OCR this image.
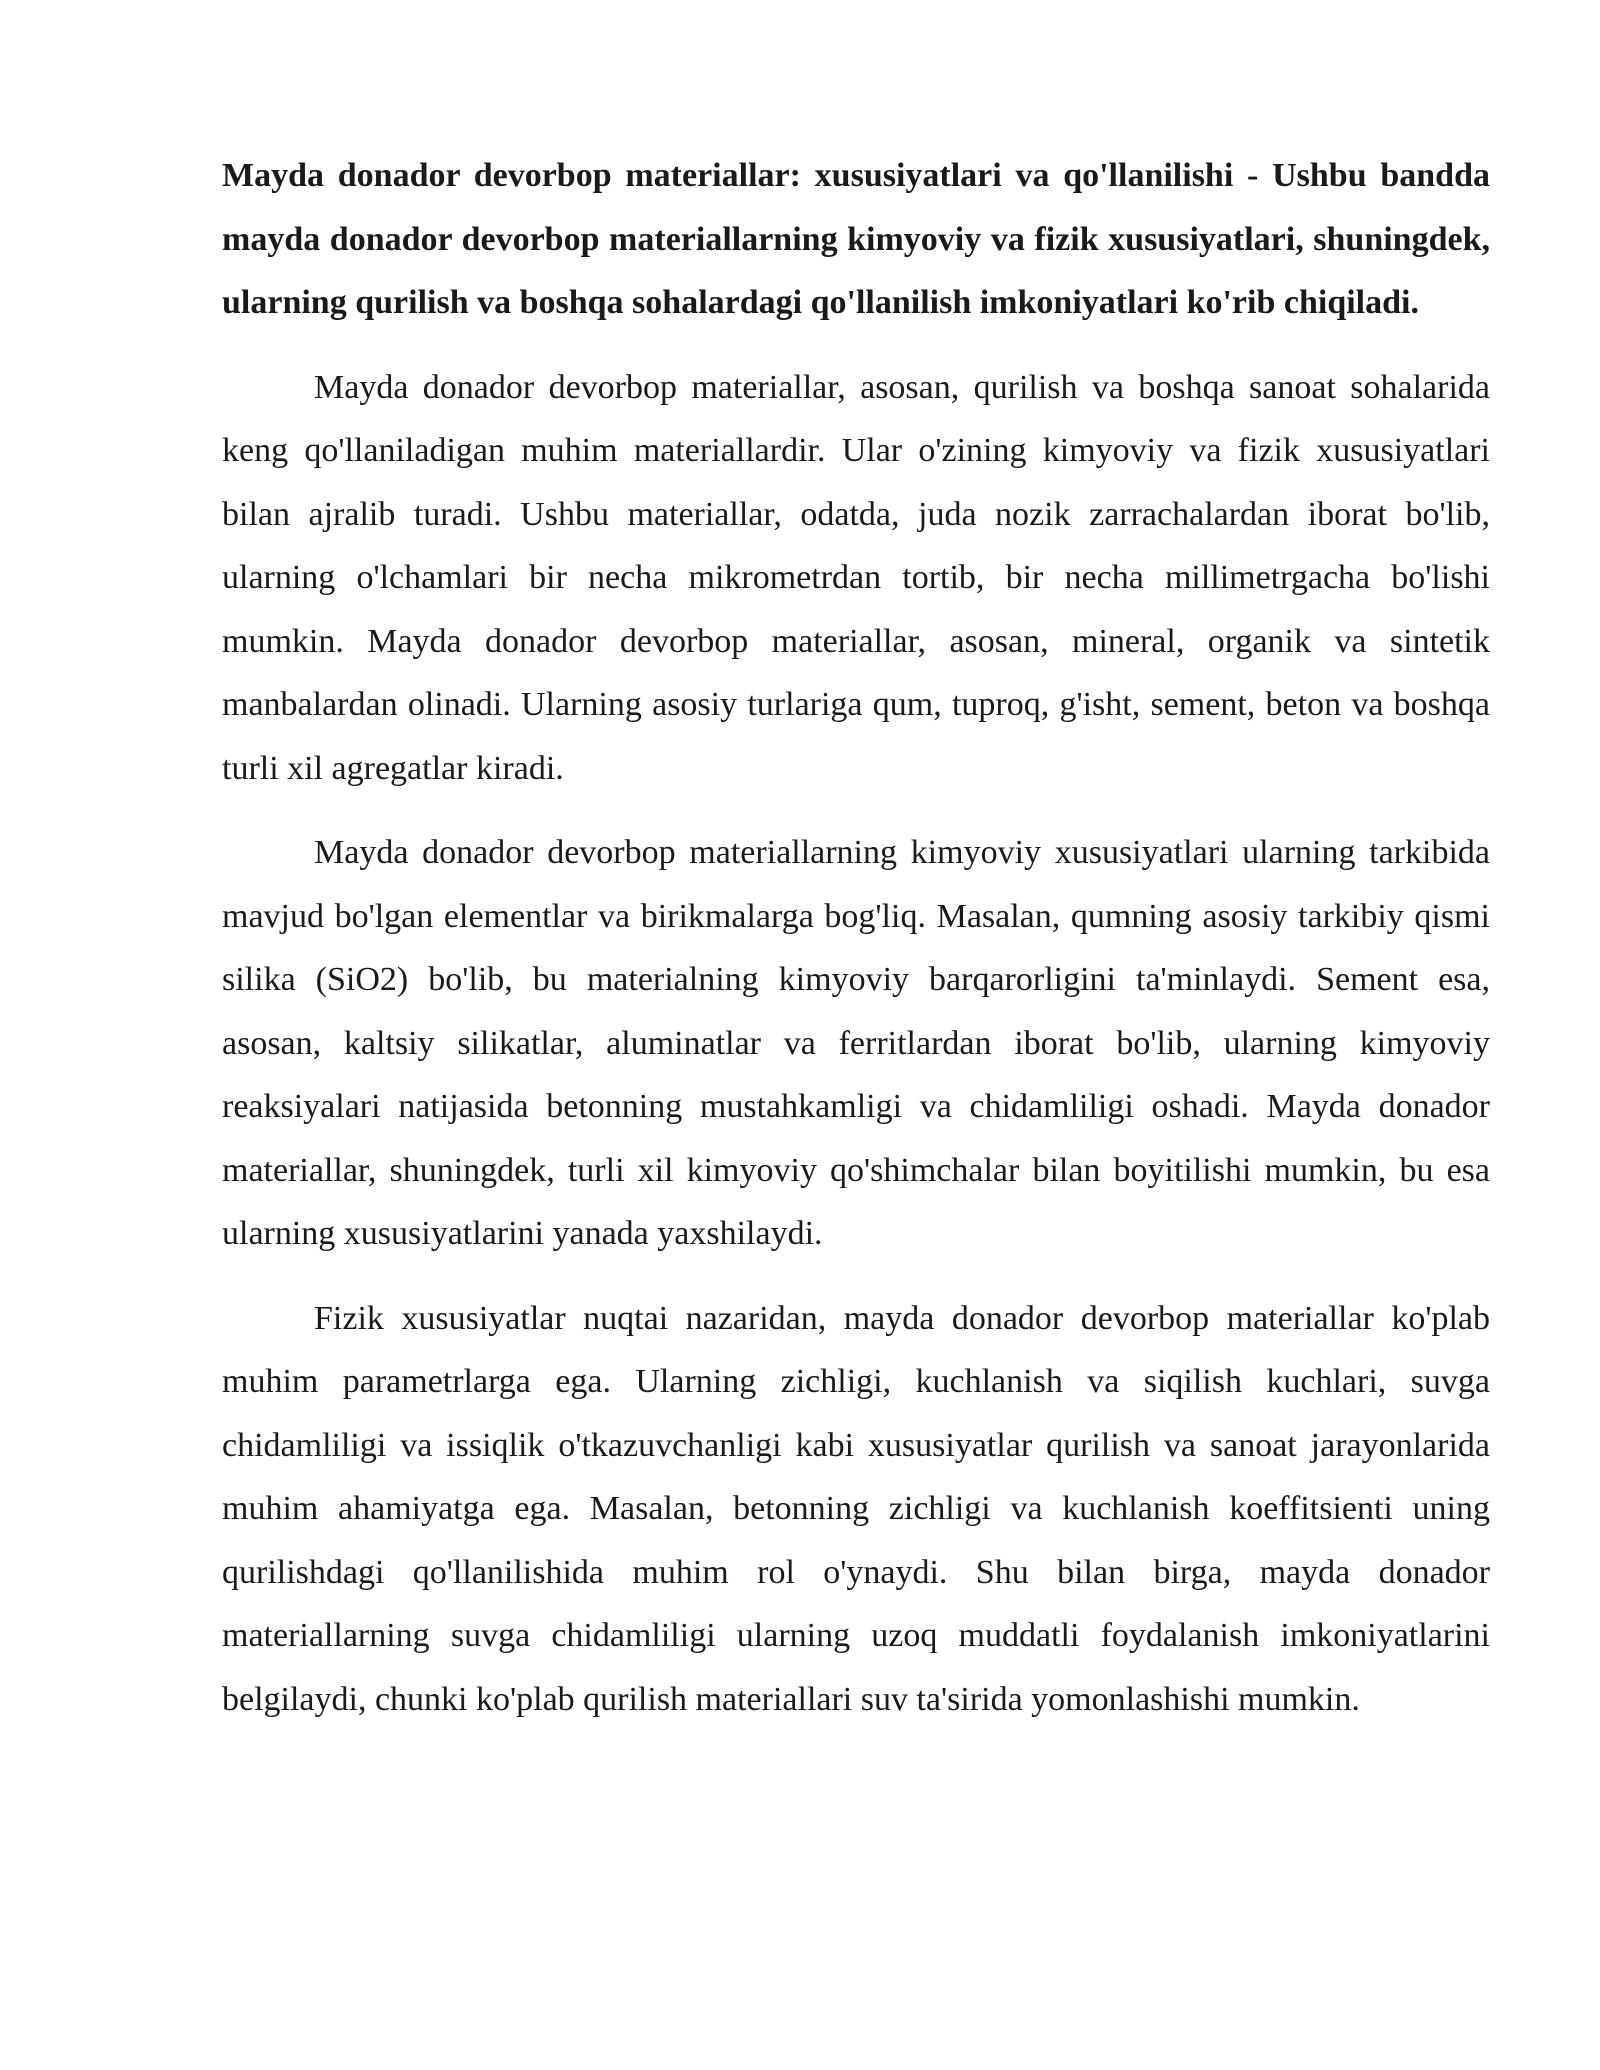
Mayda donador devorbop materiallar: xususiyatlari va qo'llanilishi - Ushbu bandda mayda donador devorbop materiallarning kimyoviy va fizik xususiyatlari, shuningdek, ularning qurilish va boshqa sohalardagi qo'llanilish imkoniyatlari ko'rib chiqiladi.

Mayda donador devorbop materiallar, asosan, qurilish va boshqa sanoat sohalarida keng qo'llaniladigan muhim materiallardir. Ular o'zining kimyoviy va fizik xususiyatlari bilan ajralib turadi. Ushbu materiallar, odatda, juda nozik zarrachalardan iborat bo'lib, ularning o'lchamlari bir necha mikrometrdan tortib, bir necha millimetrgacha bo'lishi mumkin. Mayda donador devorbop materiallar, asosan, mineral, organik va sintetik manbalardan olinadi. Ularning asosiy turlariga qum, tuproq, g'isht, sement, beton va boshqa turli xil agregatlar kiradi.

Mayda donador devorbop materiallarning kimyoviy xususiyatlari ularning tarkibida mavjud bo'lgan elementlar va birikmalarga bog'liq. Masalan, qumning asosiy tarkibiy qismi silika (SiO2) bo'lib, bu materialning kimyoviy barqarorligini ta'minlaydi. Sement esa, asosan, kaltsiy silikatlar, aluminatlar va ferritlardan iborat bo'lib, ularning kimyoviy reaksiyalari natijasida betonning mustahkamligi va chidamliligi oshadi. Mayda donador materiallar, shuningdek, turli xil kimyoviy qo'shimchalar bilan boyitilishi mumkin, bu esa ularning xususiyatlarini yanada yaxshilaydi.

Fizik xususiyatlar nuqtai nazaridan, mayda donador devorbop materiallar ko'plab muhim parametrlarga ega. Ularning zichligi, kuchlanish va siqilish kuchlari, suvga chidamliligi va issiqlik o'tkazuvchanligi kabi xususiyatlar qurilish va sanoat jarayonlarida muhim ahamiyatga ega. Masalan, betonning zichligi va kuchlanish koeffitsienti uning qurilishdagi qo'llanilishida muhim rol o'ynaydi. Shu bilan birga, mayda donador materiallarning suvga chidamliligi ularning uzoq muddatli foydalanish imkoniyatlarini belgilaydi, chunki ko'plab qurilish materiallari suv ta'sirida yomonlashishi mumkin.
